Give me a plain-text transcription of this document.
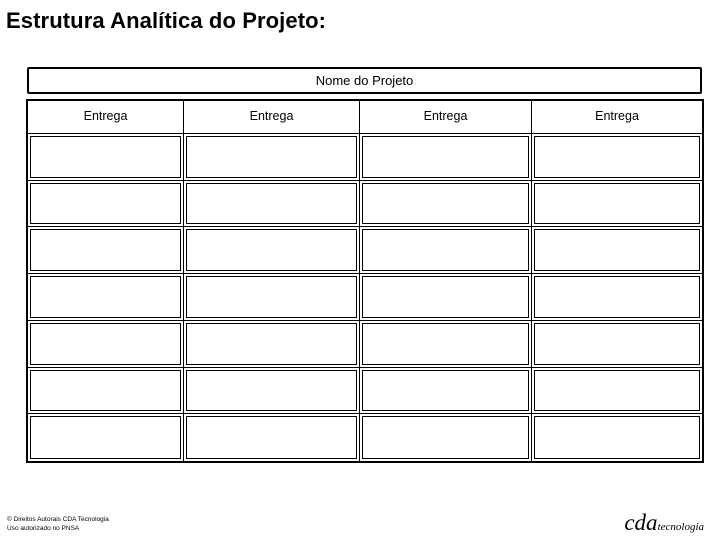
Estrutura Analítica do Projeto:
Nome do Projeto
Entrega	Entrega	Entrega	Entrega
© Direitos Autorais CDA Tecnologia
Uso autorizado no PNSA	cdatecnologia
